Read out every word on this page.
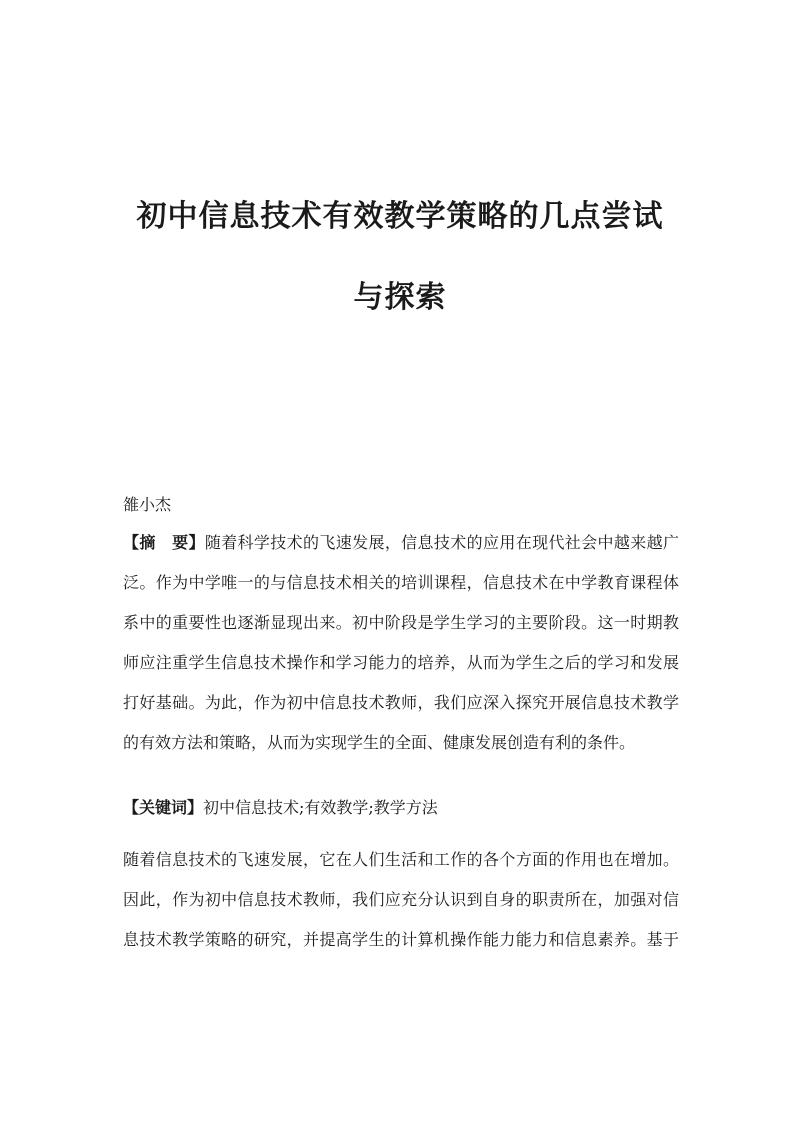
初中信息技术有效教学策略的几点尝试
与探索
雒小杰
【摘　要】随着科学技术的飞速发展，信息技术的应用在现代社会中越来越广
泛。作为中学唯一的与信息技术相关的培训课程，信息技术在中学教育课程体
系中的重要性也逐渐显现出来。初中阶段是学生学习的主要阶段。这一时期教
师应注重学生信息技术操作和学习能力的培养，从而为学生之后的学习和发展
打好基础。为此，作为初中信息技术教师，我们应深入探究开展信息技术教学
的有效方法和策略，从而为实现学生的全面、健康发展创造有利的条件。
【关键词】初中信息技术;有效教学;教学方法
随着信息技术的飞速发展，它在人们生活和工作的各个方面的作用也在增加。
因此，作为初中信息技术教师，我们应充分认识到自身的职责所在，加强对信
息技术教学策略的研究，并提高学生的计算机操作能力能力和信息素养。基于
